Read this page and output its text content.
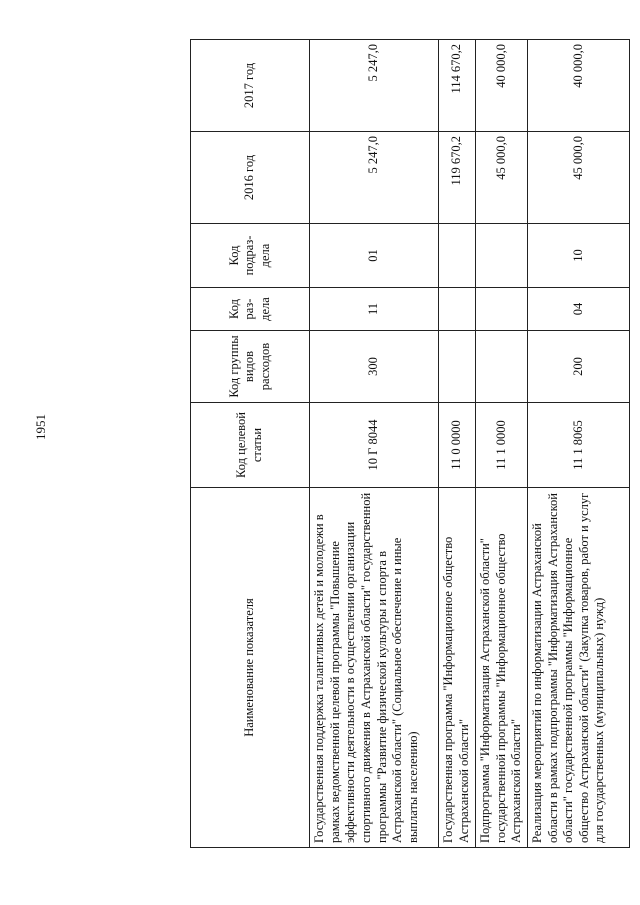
1951
Наименование показателя	Код целевой статьи	Код группы видов расходов	Код раз-дела	Код подраз-дела	2016 год	2017 год
Государственная поддержка талантливых детей и молодежи в рамках ведомственной целевой программы "Повышение эффективности деятельности в осуществлении организации спортивного движения в Астраханской области" государственной программы "Развитие физической культуры и спорта в Астраханской области" (Социальное обеспечение и иные выплаты населению)	10 Г 8044	300	11	01	5 247,0	5 247,0
Государственная программа "Информационное общество Астраханской области"	11 0 0000				119 670,2	114 670,2
Подпрограмма "Информатизация Астраханской области" государственной программы "Информационное общество Астраханской области"	11 1 0000				45 000,0	40 000,0
Реализация мероприятий по информатизации Астраханской области в рамках подпрограммы "Информатизация Астраханской области" государственной программы "Информационное общество Астраханской области" (Закупка товаров, работ и услуг для государственных (муниципальных) нужд)	11 1 8065	200	04	10	45 000,0	40 000,0
